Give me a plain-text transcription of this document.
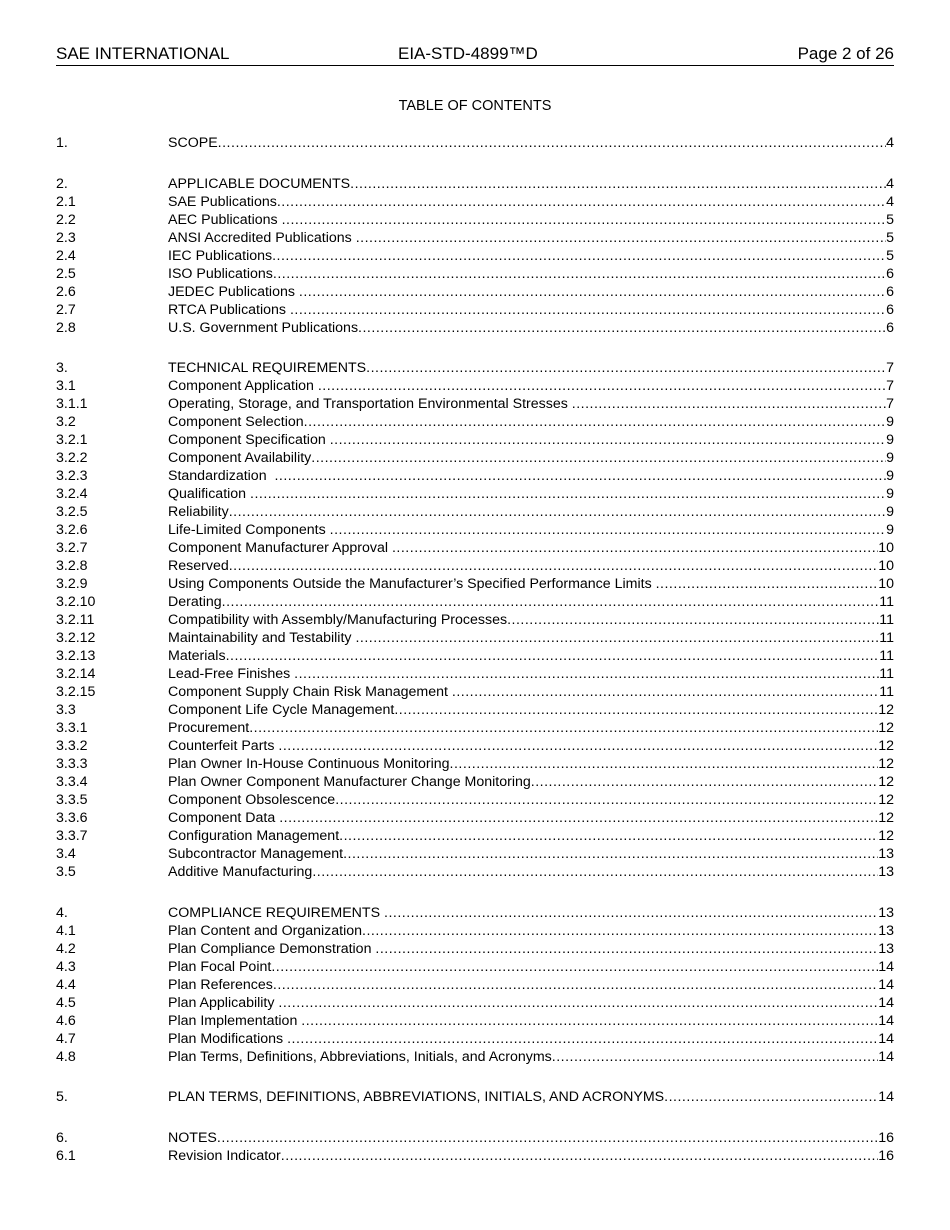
SAE INTERNATIONAL	EIA-STD-4899™D	Page 2 of 26
TABLE OF CONTENTS
1.	SCOPE .....	4
2.	APPLICABLE DOCUMENTS .....	4
2.1	SAE Publications .....	4
2.2	AEC Publications .....	5
2.3	ANSI Accredited Publications .....	5
2.4	IEC Publications .....	5
2.5	ISO Publications .....	6
2.6	JEDEC Publications .....	6
2.7	RTCA Publications .....	6
2.8	U.S. Government Publications .....	6
3.	TECHNICAL REQUIREMENTS .....	7
3.1	Component Application .....	7
3.1.1	Operating, Storage, and Transportation Environmental Stresses .....	7
3.2	Component Selection .....	9
3.2.1	Component Specification .....	9
3.2.2	Component Availability .....	9
3.2.3	Standardization .....	9
3.2.4	Qualification .....	9
3.2.5	Reliability .....	9
3.2.6	Life-Limited Components .....	9
3.2.7	Component Manufacturer Approval .....	10
3.2.8	Reserved .....	10
3.2.9	Using Components Outside the Manufacturer’s Specified Performance Limits .....	10
3.2.10	Derating .....	11
3.2.11	Compatibility with Assembly/Manufacturing Processes .....	11
3.2.12	Maintainability and Testability .....	11
3.2.13	Materials .....	11
3.2.14	Lead-Free Finishes .....	11
3.2.15	Component Supply Chain Risk Management .....	11
3.3	Component Life Cycle Management .....	12
3.3.1	Procurement .....	12
3.3.2	Counterfeit Parts .....	12
3.3.3	Plan Owner In-House Continuous Monitoring .....	12
3.3.4	Plan Owner Component Manufacturer Change Monitoring .....	12
3.3.5	Component Obsolescence .....	12
3.3.6	Component Data .....	12
3.3.7	Configuration Management .....	12
3.4	Subcontractor Management .....	13
3.5	Additive Manufacturing .....	13
4.	COMPLIANCE REQUIREMENTS .....	13
4.1	Plan Content and Organization .....	13
4.2	Plan Compliance Demonstration .....	13
4.3	Plan Focal Point .....	14
4.4	Plan References .....	14
4.5	Plan Applicability .....	14
4.6	Plan Implementation .....	14
4.7	Plan Modifications .....	14
4.8	Plan Terms, Definitions, Abbreviations, Initials, and Acronyms .....	14
5.	PLAN TERMS, DEFINITIONS, ABBREVIATIONS, INITIALS, AND ACRONYMS .....	14
6.	NOTES .....	16
6.1	Revision Indicator .....	16
